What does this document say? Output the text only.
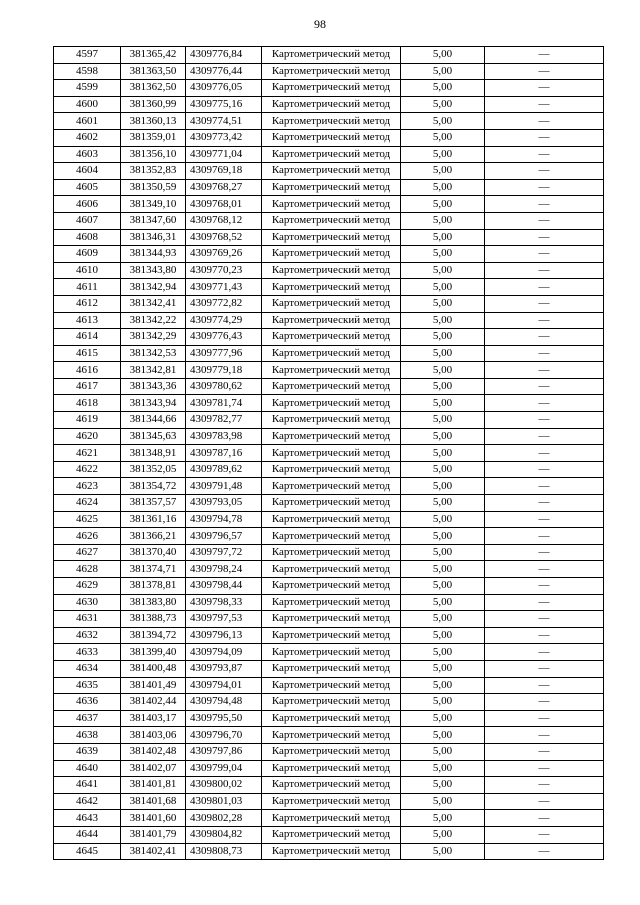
98
4597	381365,42	4309776,84	Картометрический метод	5,00	—
4598	381363,50	4309776,44	Картометрический метод	5,00	—
4599	381362,50	4309776,05	Картометрический метод	5,00	—
4600	381360,99	4309775,16	Картометрический метод	5,00	—
4601	381360,13	4309774,51	Картометрический метод	5,00	—
4602	381359,01	4309773,42	Картометрический метод	5,00	—
4603	381356,10	4309771,04	Картометрический метод	5,00	—
4604	381352,83	4309769,18	Картометрический метод	5,00	—
4605	381350,59	4309768,27	Картометрический метод	5,00	—
4606	381349,10	4309768,01	Картометрический метод	5,00	—
4607	381347,60	4309768,12	Картометрический метод	5,00	—
4608	381346,31	4309768,52	Картометрический метод	5,00	—
4609	381344,93	4309769,26	Картометрический метод	5,00	—
4610	381343,80	4309770,23	Картометрический метод	5,00	—
4611	381342,94	4309771,43	Картометрический метод	5,00	—
4612	381342,41	4309772,82	Картометрический метод	5,00	—
4613	381342,22	4309774,29	Картометрический метод	5,00	—
4614	381342,29	4309776,43	Картометрический метод	5,00	—
4615	381342,53	4309777,96	Картометрический метод	5,00	—
4616	381342,81	4309779,18	Картометрический метод	5,00	—
4617	381343,36	4309780,62	Картометрический метод	5,00	—
4618	381343,94	4309781,74	Картометрический метод	5,00	—
4619	381344,66	4309782,77	Картометрический метод	5,00	—
4620	381345,63	4309783,98	Картометрический метод	5,00	—
4621	381348,91	4309787,16	Картометрический метод	5,00	—
4622	381352,05	4309789,62	Картометрический метод	5,00	—
4623	381354,72	4309791,48	Картометрический метод	5,00	—
4624	381357,57	4309793,05	Картометрический метод	5,00	—
4625	381361,16	4309794,78	Картометрический метод	5,00	—
4626	381366,21	4309796,57	Картометрический метод	5,00	—
4627	381370,40	4309797,72	Картометрический метод	5,00	—
4628	381374,71	4309798,24	Картометрический метод	5,00	—
4629	381378,81	4309798,44	Картометрический метод	5,00	—
4630	381383,80	4309798,33	Картометрический метод	5,00	—
4631	381388,73	4309797,53	Картометрический метод	5,00	—
4632	381394,72	4309796,13	Картометрический метод	5,00	—
4633	381399,40	4309794,09	Картометрический метод	5,00	—
4634	381400,48	4309793,87	Картометрический метод	5,00	—
4635	381401,49	4309794,01	Картометрический метод	5,00	—
4636	381402,44	4309794,48	Картометрический метод	5,00	—
4637	381403,17	4309795,50	Картометрический метод	5,00	—
4638	381403,06	4309796,70	Картометрический метод	5,00	—
4639	381402,48	4309797,86	Картометрический метод	5,00	—
4640	381402,07	4309799,04	Картометрический метод	5,00	—
4641	381401,81	4309800,02	Картометрический метод	5,00	—
4642	381401,68	4309801,03	Картометрический метод	5,00	—
4643	381401,60	4309802,28	Картометрический метод	5,00	—
4644	381401,79	4309804,82	Картометрический метод	5,00	—
4645	381402,41	4309808,73	Картометрический метод	5,00	—
